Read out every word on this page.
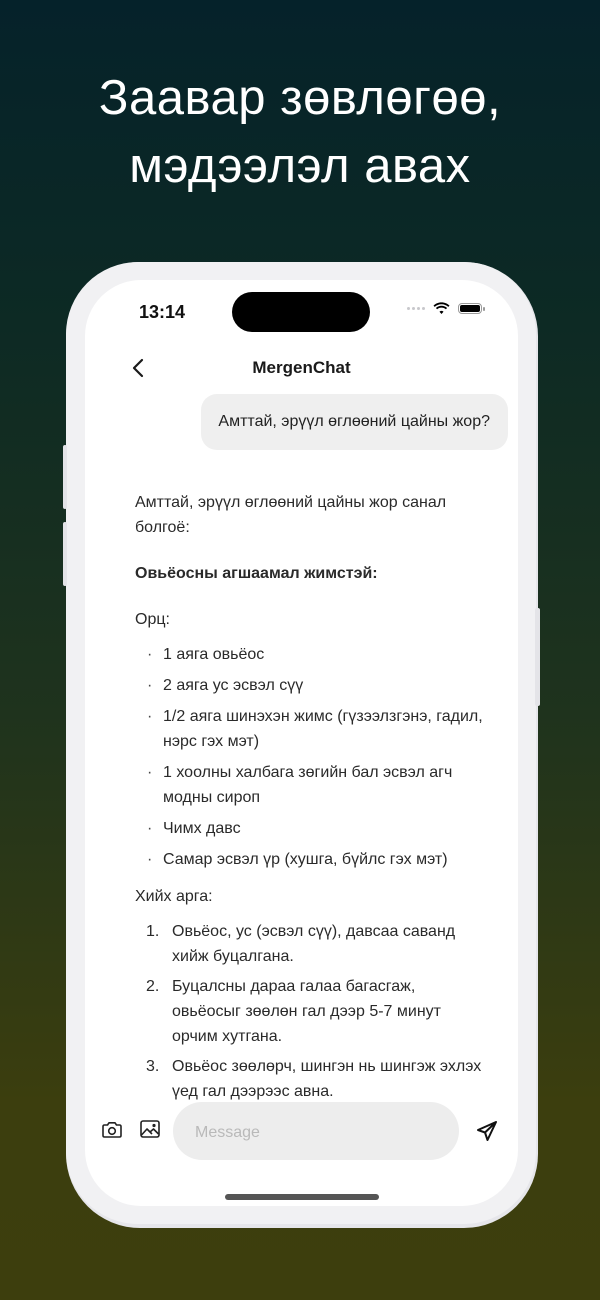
Заавар зөвлөгөө,
мэдээлэл авах
13:14
MergenChat
Амттай, эрүүл өглөөний цайны жор?

Амттай, эрүүл өглөөний цайны жор санал болгоё:

Овьёосны агшаамал жимстэй:

Орц:

· 1 аяга овьёос
· 2 аяга ус эсвэл сүү
· 1/2 аяга шинэхэн жимс (гүзээлзгэнэ, гадил, нэрс гэх мэт)
· 1 хоолны халбага зөгийн бал эсвэл агч модны сироп
· Чимх давс
· Самар эсвэл үр (хушга, бүйлс гэх мэт)

Хийх арга:

1. Овьёос, ус (эсвэл сүү), давсаа саванд хийж буцалгана.
2. Буцалсны дараа галаа багасгаж, овьёосыг зөөлөн гал дээр 5-7 минут орчим хутгана.
3. Овьёос зөөлөрч, шингэн нь шингэж эхлэх үед гал дээрээс авна.
Message
